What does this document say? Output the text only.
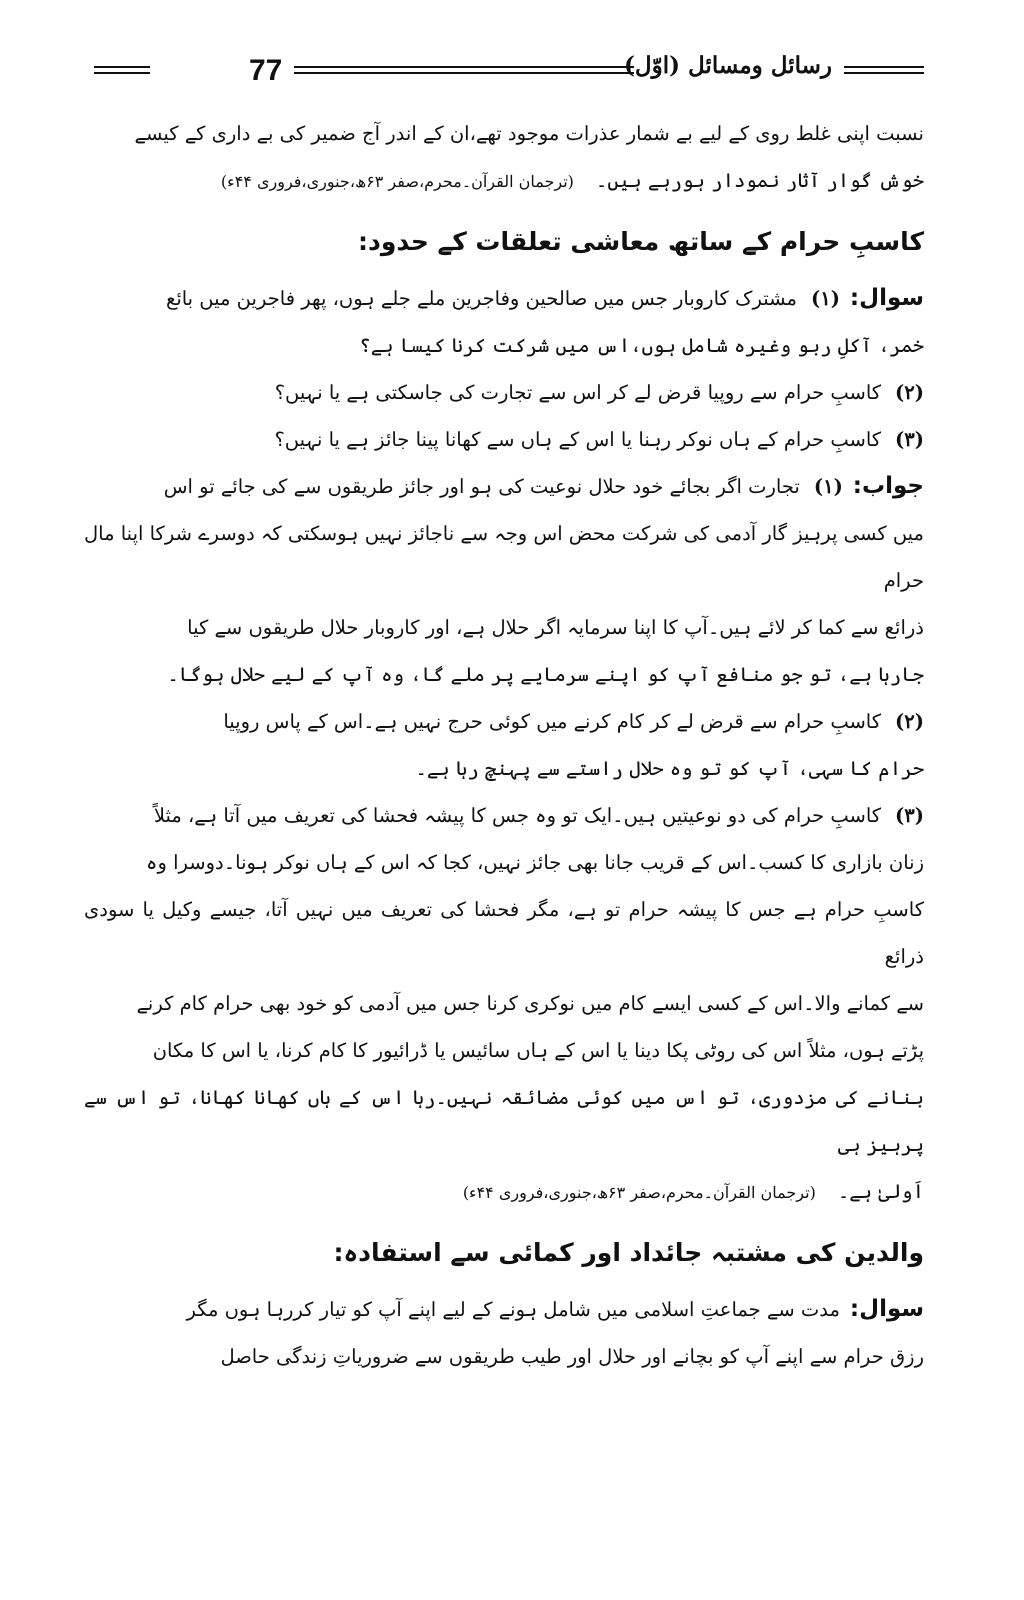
77	رسائل ومسائل (اوّل)

نسبت اپنی غلط روی کے لیے بے شمار عذرات موجود تھے،ان کے اندر آج ضمیر کی بے داری کے کیسے

خوش گوار آثار نمودار ہورہے ہیں۔(ترجمان القرآن۔محرم،صفر ۶۳ھ،جنوری،فروری ۴۴ء)

کاسبِ حرام کے ساتھ معاشی تعلقات کے حدود:

سوال:(۱)مشترک کاروبار جس میں صالحین وفاجرین ملے جلے ہوں، پھر فاجرین میں بائع

خمر، آکلِ ربو وغیرہ شامل ہوں،اس میں شرکت کرنا کیسا ہے؟

(۲)کاسبِ حرام سے روپیا قرض لے کر اس سے تجارت کی جاسکتی ہے یا نہیں؟

(۳)کاسبِ حرام کے ہاں نوکر رہنا یا اس کے ہاں سے کھانا پینا جائز ہے یا نہیں؟

جواب:(۱)تجارت اگر بجائے خود حلال نوعیت کی ہو اور جائز طریقوں سے کی جائے تو اس

میں کسی پرہیز گار آدمی کی شرکت محض اس وجہ سے ناجائز نہیں ہوسکتی کہ دوسرے شرکا اپنا مال حرام

ذرائع سے کما کر لائے ہیں۔آپ کا اپنا سرمایہ اگر حلال ہے، اور کاروبار حلال طریقوں سے کیا

جارہا ہے، تو جو منافع آپ کو اپنے سرمایے پر ملے گا، وہ آپ کے لیے حلال ہوگا۔

(۲)کاسبِ حرام سے قرض لے کر کام کرنے میں کوئی حرج نہیں ہے۔اس کے پاس روپیا

حرام کا سہی، آپ کو تو وہ حلال راستے سے پہنچ رہا ہے۔

(۳)کاسبِ حرام کی دو نوعیتیں ہیں۔ایک تو وہ جس کا پیشہ فحشا کی تعریف میں آتا ہے، مثلاً

زنان بازاری کا کسب۔اس کے قریب جانا بھی جائز نہیں، کجا کہ اس کے ہاں نوکر ہونا۔دوسرا وہ

کاسبِ حرام ہے جس کا پیشہ حرام تو ہے، مگر فحشا کی تعریف میں نہیں آتا، جیسے وکیل یا سودی ذرائع

سے کمانے والا۔اس کے کسی ایسے کام میں نوکری کرنا جس میں آدمی کو خود بھی حرام کام کرنے

پڑتے ہوں، مثلاً اس کی روٹی پکا دینا یا اس کے ہاں سائیس یا ڈرائیور کا کام کرنا، یا اس کا مکان

بنانے کی مزدوری، تو اس میں کوئی مضائقہ نہیں۔رہا اس کے ہاں کھانا کھانا، تو اس سے پرہیز ہی

اَولیٰ ہے۔(ترجمان القرآن۔محرم،صفر ۶۳ھ،جنوری،فروری ۴۴ء)

والدین کی مشتبہ جائداد اور کمائی سے استفادہ:

سوال:مدت سے جماعتِ اسلامی میں شامل ہونے کے لیے اپنے آپ کو تیار کررہا ہوں مگر

رزق حرام سے اپنے آپ کو بچانے اور حلال اور طیب طریقوں سے ضروریاتِ زندگی حاصل
